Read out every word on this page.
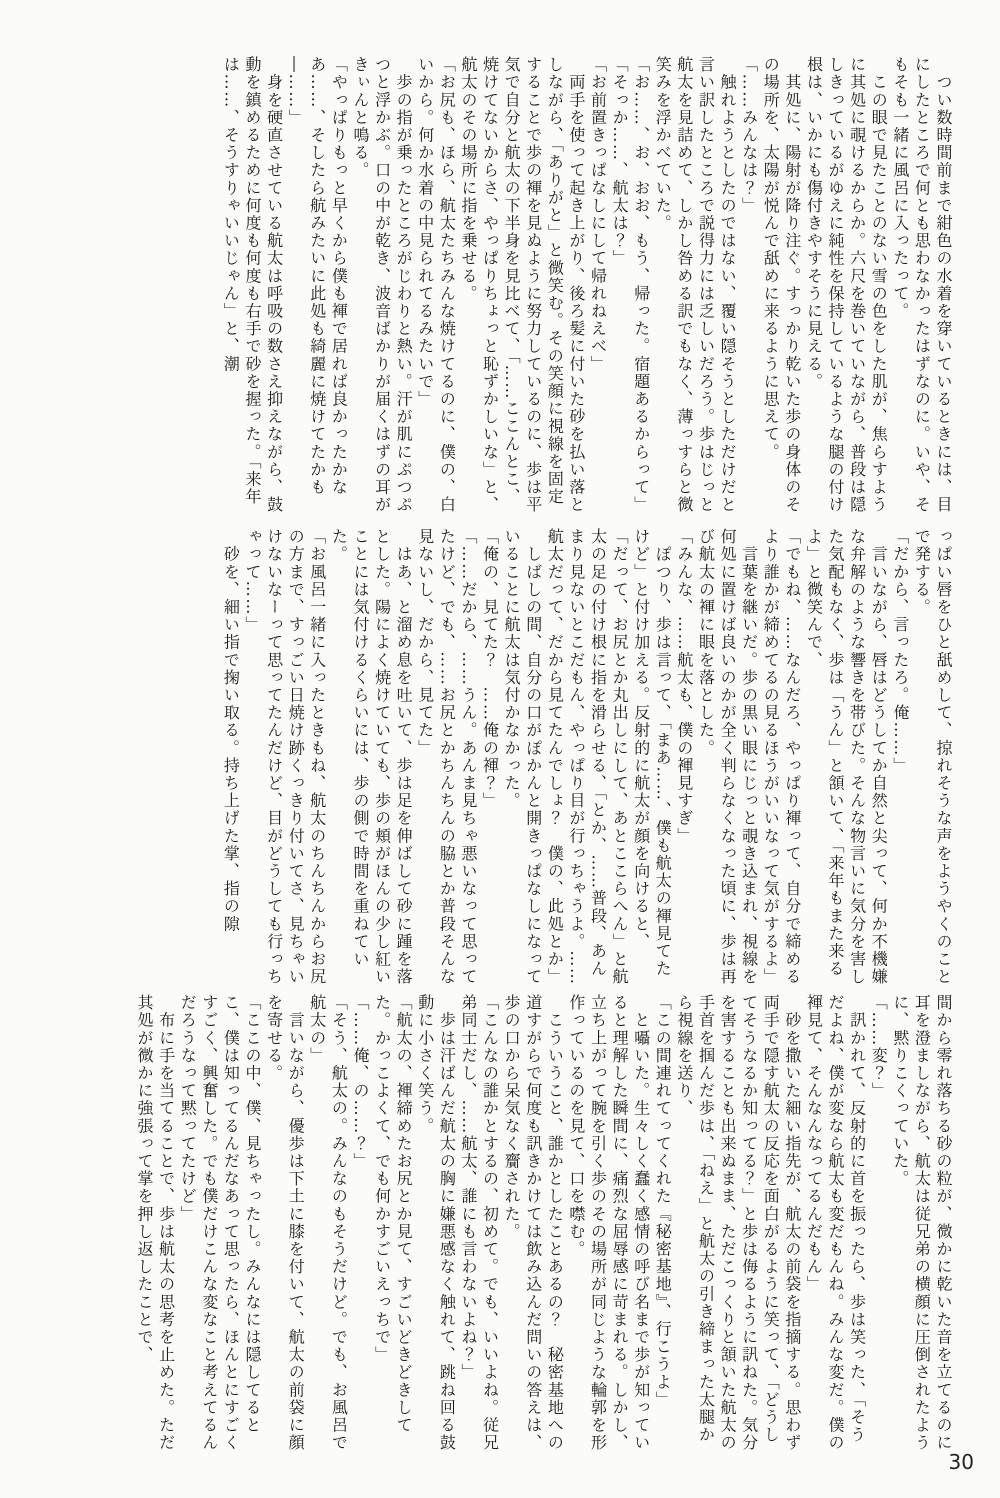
　つい数時間前まで紺色の水着を穿いているときには、目にしたところで何とも思わなかったはずなのに。いや、そもそも一緒に風呂に入ったって。

　この眼で見たことのない雪の色をした肌が、焦らすように其処に覗けるからか。六尺を巻いていながら、普段は隠しきっているがゆえに純性を保持しているような腿の付け根は、いかにも傷付きやすそうに見える。

　其処に、陽射が降り注ぐ。すっかり乾いた歩の身体のその場所を、太陽が悦んで舐めに来るように思えて。

「……みんなは？」

　触れようとしたのではない、覆い隠そうとしただけだと言い訳したところで説得力には乏しいだろう。歩はじっと航太を見詰めて、しかし咎める訳でもなく、薄っすらと微笑みを浮かべていた。

「お……、お、おお、もう、帰った。宿題あるからって」

「そっか……、航太は？」

「お前置きっぱなしにして帰れねえべ」

　両手を使って起き上がり、後ろ髪に付いた砂を払い落としながら、「ありがと」と微笑む。その笑顔に視線を固定することで歩の褌を見ぬように努力しているのに、歩は平気で自分と航太の下半身を見比べて、「……ここんとこ、焼けてないからさ、やっぱりちょっと恥ずかしいな」と、航太のその場所に指を乗せる。

「お尻も、ほら、航太たちみんな焼けてるのに、僕の、白いから。何か水着の中見られてるみたいで」

　歩の指が乗ったところがじわりと熱い。汗が肌にぷつぷつと浮かぶ。口の中が乾き、波音ばかりが届くはずの耳がきぃんと鳴る。

「やっぱりもっと早くから僕も褌で居れば良かったかなあ……、そしたら航みたいに此処も綺麗に焼けてたかも―……」

　身を硬直させている航太は呼吸の数さえ抑えながら、鼓動を鎮めるために何度も何度も右手で砂を握った。「来年は……、そうすりゃいいじゃん」と、潮

っぱい唇をひと舐めして、掠れそうな声をようやくのことで発する。

「だから、言ったろ。俺……」

　言いながら、唇はどうしてか自然と尖って、何か不機嫌な弁解のような響きを帯びた。そんな物言いに気分を害した気配もなく、歩は「うん」と頷いて、「来年もまた来るよ」と微笑んで、

「でもね、……なんだろ、やっぱり褌って、自分で締めるより誰かが締めてるの見るほうがいいなって気がするよ」

　言葉を継いだ。歩の黒い眼にじっと覗き込まれ、視線を何処に置けば良いのかが全く判らなくなった頃に、歩は再び航太の褌に眼を落とした。

「みんな、……航太も、僕の褌見すぎ」

　ぽつり、歩は言って、「まあ……、僕も航太の褌見てたけど」と付け加える。反射的に航太が顔を向けると、

「だって、お尻とか丸出しにして、あとここらへん」と航太の足の付け根に指を滑らせる、「とか、……普段、あんまり見ないとこだもん、やっぱり目が行っちゃうよ。……航太だって、だから見てたんでしょ？　僕の、此処とか」

　しばしの間、自分の口がぽかんと開きっぱなしになっていることに航太は気付かなかった。

「俺の、見てた？　……俺の褌？」

「……だから、……うん。あんま見ちゃ悪いなって思ってたけど、でも、……お尻とかちんちんの脇とか普段そんな見ないし、だから、見てた」

　はあ、と溜め息を吐いて、歩は足を伸ばして砂に踵を落とした。陽によく焼けていても、歩の頬がほんの少し紅いことには気付けるくらいには、歩の側で時間を重ねていた。

「お風呂一緒に入ったときもね、航太のちんちんからお尻の方まで、すっごい日焼け跡くっきり付いてさ、見ちゃいけないなーって思ってたんだけど、目がどうしても行っちゃって……」

　砂を、細い指で掬い取る。持ち上げた掌、指の隙

間から零れ落ちる砂の粒が、微かに乾いた音を立てるのに耳を澄ましながら、航太は従兄弟の横顔に圧倒されたように、黙りこくっていた。

「……変？」

　訊かれて、反射的に首を振ったら、歩は笑った、「そうだよね、僕が変なら航太も変だもんね。みんな変だ。僕の褌見て、そんなんなってるんだもん」

　砂を撒いた細い指先が、航太の前袋を指摘する。思わず両手で隠す航太の反応を面白がるように笑って、「どうしてそうなるか知ってる？」と歩は侮るように訊ねた。気分を害することも出来ぬまま、ただこっくりと頷いた航太の手首を掴んだ歩は、「ねえ」と航太の引き締まった太腿から視線を送り、

「この間連れてってくれた『秘密基地』、行こうよ」

　と囁いた。生々しく蠢く感情の呼び名まで歩が知っていると理解した瞬間に、痛烈な屈辱感に苛まれる。しかし、立ち上がって腕を引く歩のその場所が同じような輪郭を形作っているのを見て、口を噤む。

　こういうこと、誰かとしたことあるの？　秘密基地への道すがらで何度も訊きかけては飲み込んだ問いの答えは、歩の口から呆気なく齎された。

「こんなの誰かとするの、初めて。でも、いいよね。従兄弟同士だし、……航太、誰にも言わないよね？」

　歩は汗ばんだ航太の胸に嫌悪感なく触れて、跳ね回る鼓動に小さく笑う。

「航太の、褌締めたお尻とか見て、すごいどきどきしてた。かっこよくて、でも何かすごいえっちで」

「……俺、の……？」

「そう、航太の。みんなのもそうだけど。でも、お風呂で航太の」

　言いながら、優歩は下土に膝を付いて、航太の前袋に顔を寄せる。

「ここの中、僕、見ちゃったし。みんなには隠してるとこ、僕は知ってるんだなあって思ったら、ほんとにすごくすごく、興奮した。でも僕だけこんな変なこと考えてるんだろうなって黙ってたけど」

　布に手を当てることで、歩は航太の思考を止めた。ただ其処が微かに強張って掌を押し返したことで、

30
